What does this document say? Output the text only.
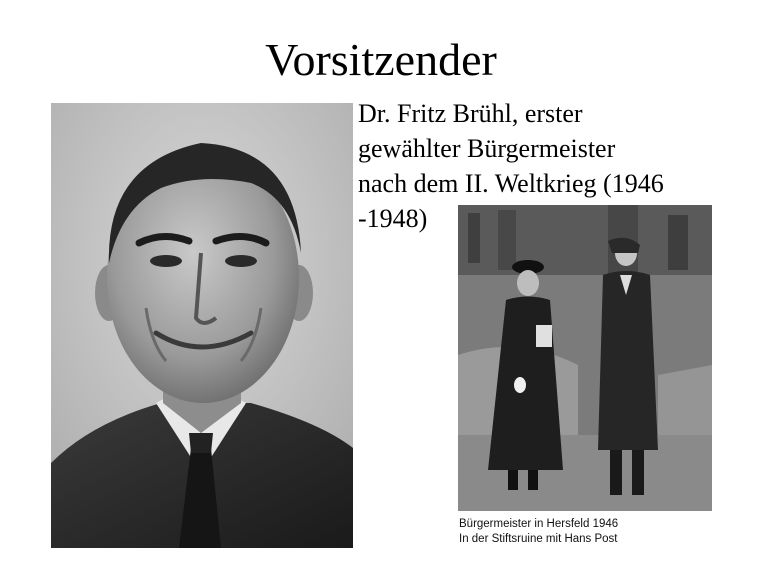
Vorsitzender
Dr. Fritz Brühl, erster
gewählter Bürgermeister
nach dem II. Weltkrieg (1946
-1948)
Bürgermeister in Hersfeld 1946
In der Stiftsruine mit Hans Post
